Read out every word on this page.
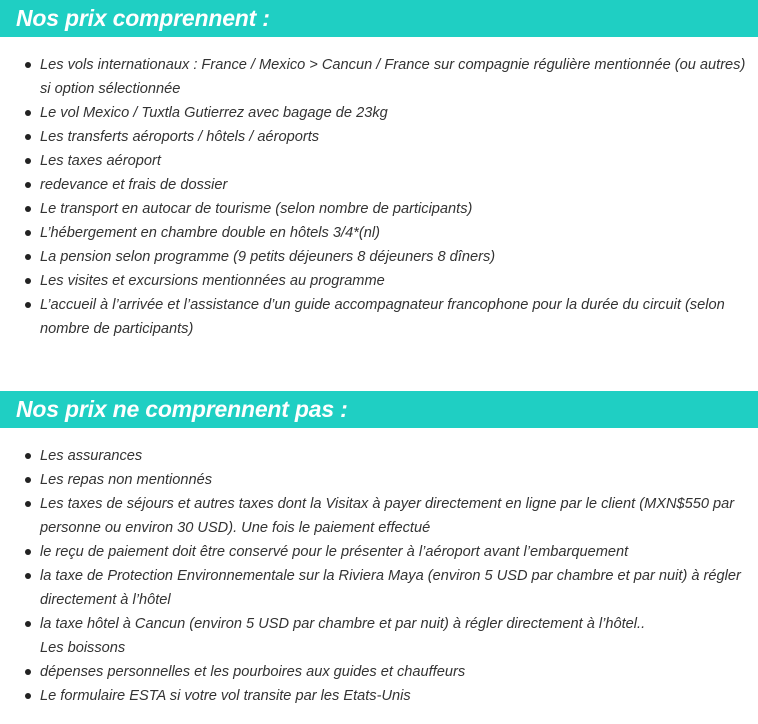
Nos prix comprennent :
Les vols internationaux : France / Mexico > Cancun / France sur compagnie régulière mentionnée (ou autres) si option sélectionnée
Le vol Mexico / Tuxtla Gutierrez avec bagage de 23kg
Les transferts aéroports / hôtels / aéroports
Les taxes aéroport
redevance et frais de dossier
Le transport en autocar de tourisme (selon nombre de participants)
L’hébergement en chambre double en hôtels 3/4*(nl)
La pension selon programme (9 petits déjeuners 8 déjeuners 8 dîners)
Les visites et excursions mentionnées au programme
L’accueil à l’arrivée et l’assistance d’un guide accompagnateur francophone pour la durée du circuit (selon nombre de participants)
Nos prix ne comprennent pas :
Les assurances
Les repas non mentionnés
Les taxes de séjours et autres taxes dont la Visitax à payer directement en ligne par le client (MXN$550 par personne ou environ 30 USD). Une fois le paiement effectué
le reçu de paiement doit être conservé pour le présenter à l’aéroport avant l’embarquement
la taxe de Protection Environnementale sur la Riviera Maya (environ 5 USD par chambre et par nuit) à régler directement à l’hôtel
la taxe hôtel à Cancun (environ 5 USD par chambre et par nuit) à régler directement à l’hôtel..
Les boissons
dépenses personnelles et les pourboires aux guides et chauffeurs
Le formulaire ESTA si votre vol transite par les Etats-Unis
